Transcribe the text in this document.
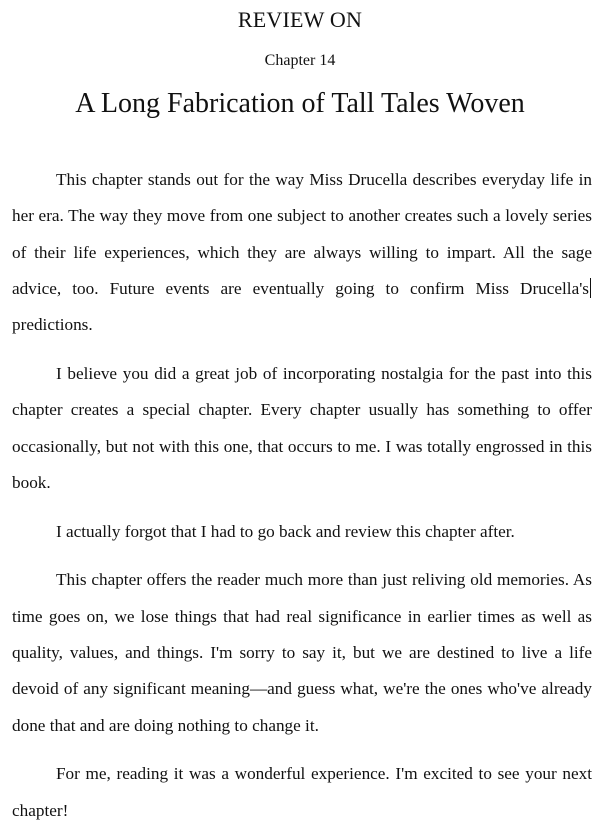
REVIEW ON
Chapter 14
A Long Fabrication of Tall Tales Woven

This chapter stands out for the way Miss Drucella describes everyday life in her era. The way they move from one subject to another creates such a lovely series of their life experiences, which they are always willing to impart. All the sage advice, too. Future events are eventually going to confirm Miss Drucella'spredictions.

I believe you did a great job of incorporating nostalgia for the past into this chapter creates a special chapter. Every chapter usually has something to offer occasionally, but not with this one, that occurs to me. I was totally engrossed in this book.

I actually forgot that I had to go back and review this chapter after.

This chapter offers the reader much more than just reliving old memories. As time goes on, we lose things that had real significance in earlier times as well as quality, values, and things. I'm sorry to say it, but we are destined to live a life devoid of any significant meaning—and guess what, we're the ones who've already done that and are doing nothing to change it.

For me, reading it was a wonderful experience. I'm excited to see your next chapter!
